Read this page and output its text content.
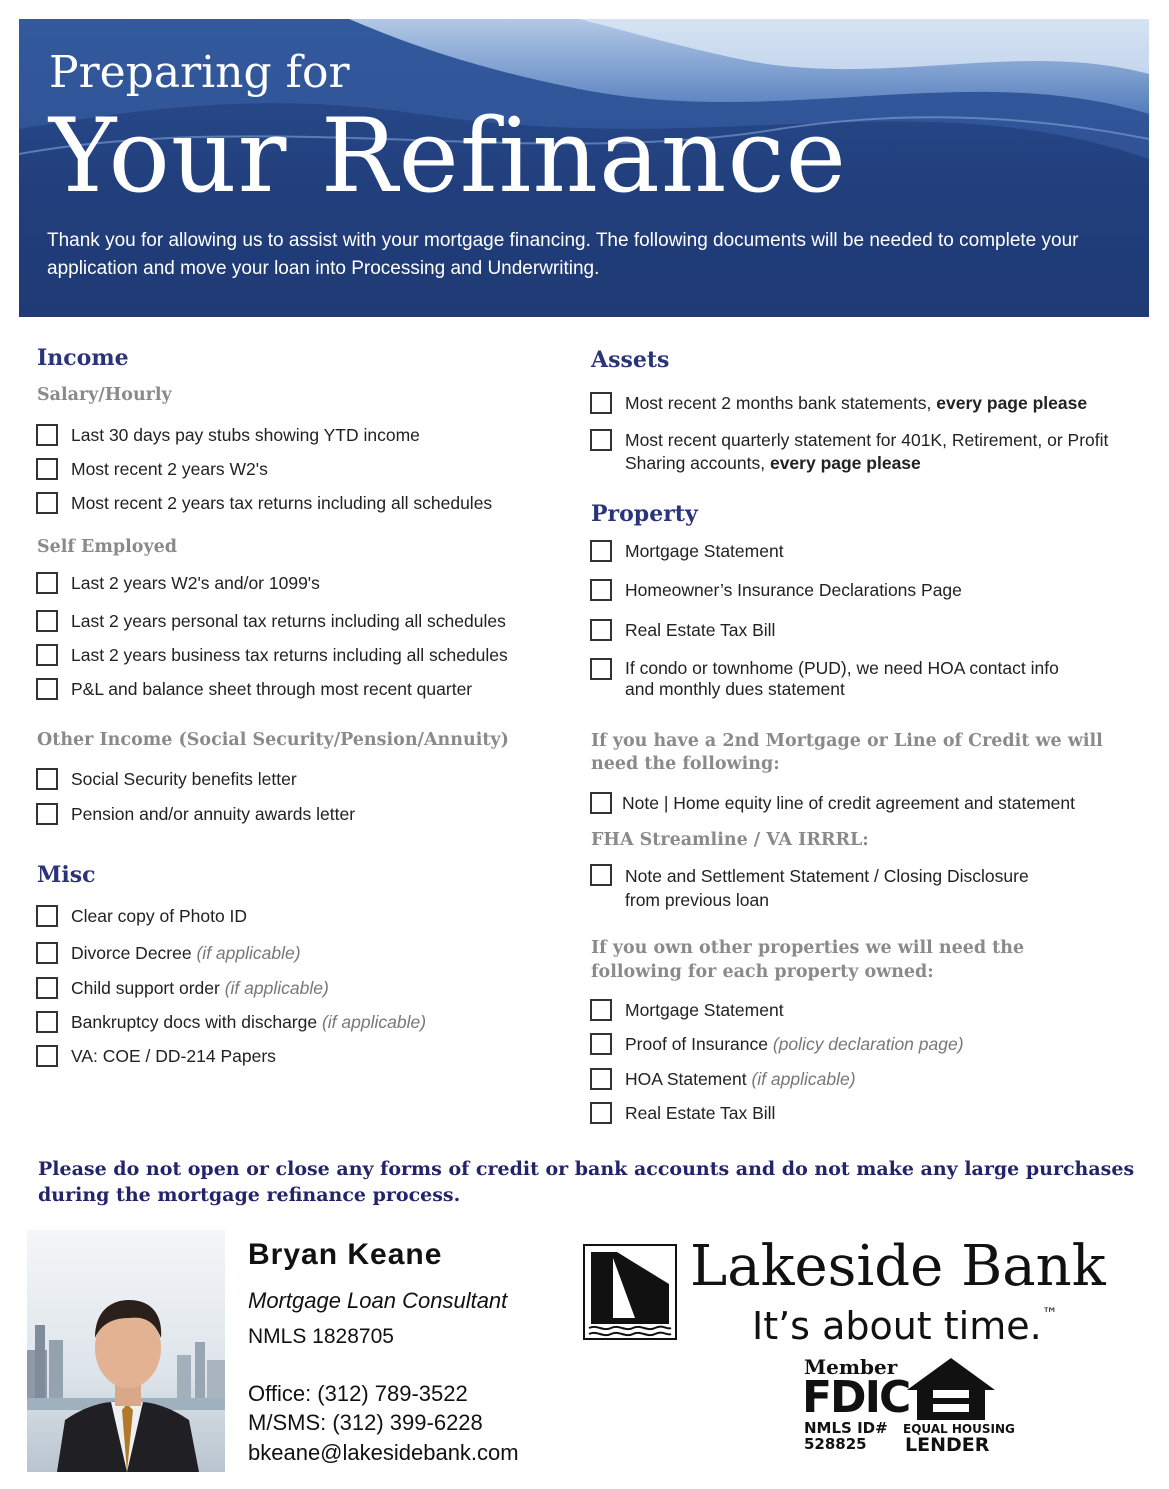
Preparing for
Your Refinance
Thank you for allowing us to assist with your mortgage financing. The following documents will be needed to complete your application and move your loan into Processing and Underwriting.
Income
Salary/Hourly
Last 30 days pay stubs showing YTD income
Most recent 2 years W2's
Most recent 2 years tax returns including all schedules
Self Employed
Last 2 years W2's and/or 1099's
Last 2 years personal tax returns including all schedules
Last 2 years business tax returns including all schedules
P&L and balance sheet through most recent quarter
Other Income (Social Security/Pension/Annuity)
Social Security benefits letter
Pension and/or annuity awards letter
Misc
Clear copy of Photo ID
Divorce Decree (if applicable)
Child support order (if applicable)
Bankruptcy docs with discharge (if applicable)
VA: COE / DD-214 Papers
Assets
Most recent 2 months bank statements, every page please
Most recent quarterly statement for 401K, Retirement, or Profit Sharing accounts, every page please
Property
Mortgage Statement
Homeowner’s Insurance Declarations Page
Real Estate Tax Bill
If condo or townhome (PUD), we need HOA contact info and monthly dues statement
If you have a 2nd Mortgage or Line of Credit we will need the following:
Note | Home equity line of credit agreement and statement
FHA Streamline / VA IRRRL:
Note and Settlement Statement / Closing Disclosure from previous loan
If you own other properties we will need the following for each property owned:
Mortgage Statement
Proof of Insurance (policy declaration page)
HOA Statement (if applicable)
Real Estate Tax Bill
Please do not open or close any forms of credit or bank accounts and do not make any large purchases during the mortgage refinance process.
Bryan Keane
Mortgage Loan Consultant
NMLS 1828705
Office: (312) 789-3522
M/SMS: (312) 399-6228
bkeane@lakesidebank.com
Lakeside Bank
It’s about time.™
Member
FDIC
NMLS ID#
528825
EQUAL HOUSING
LENDER
